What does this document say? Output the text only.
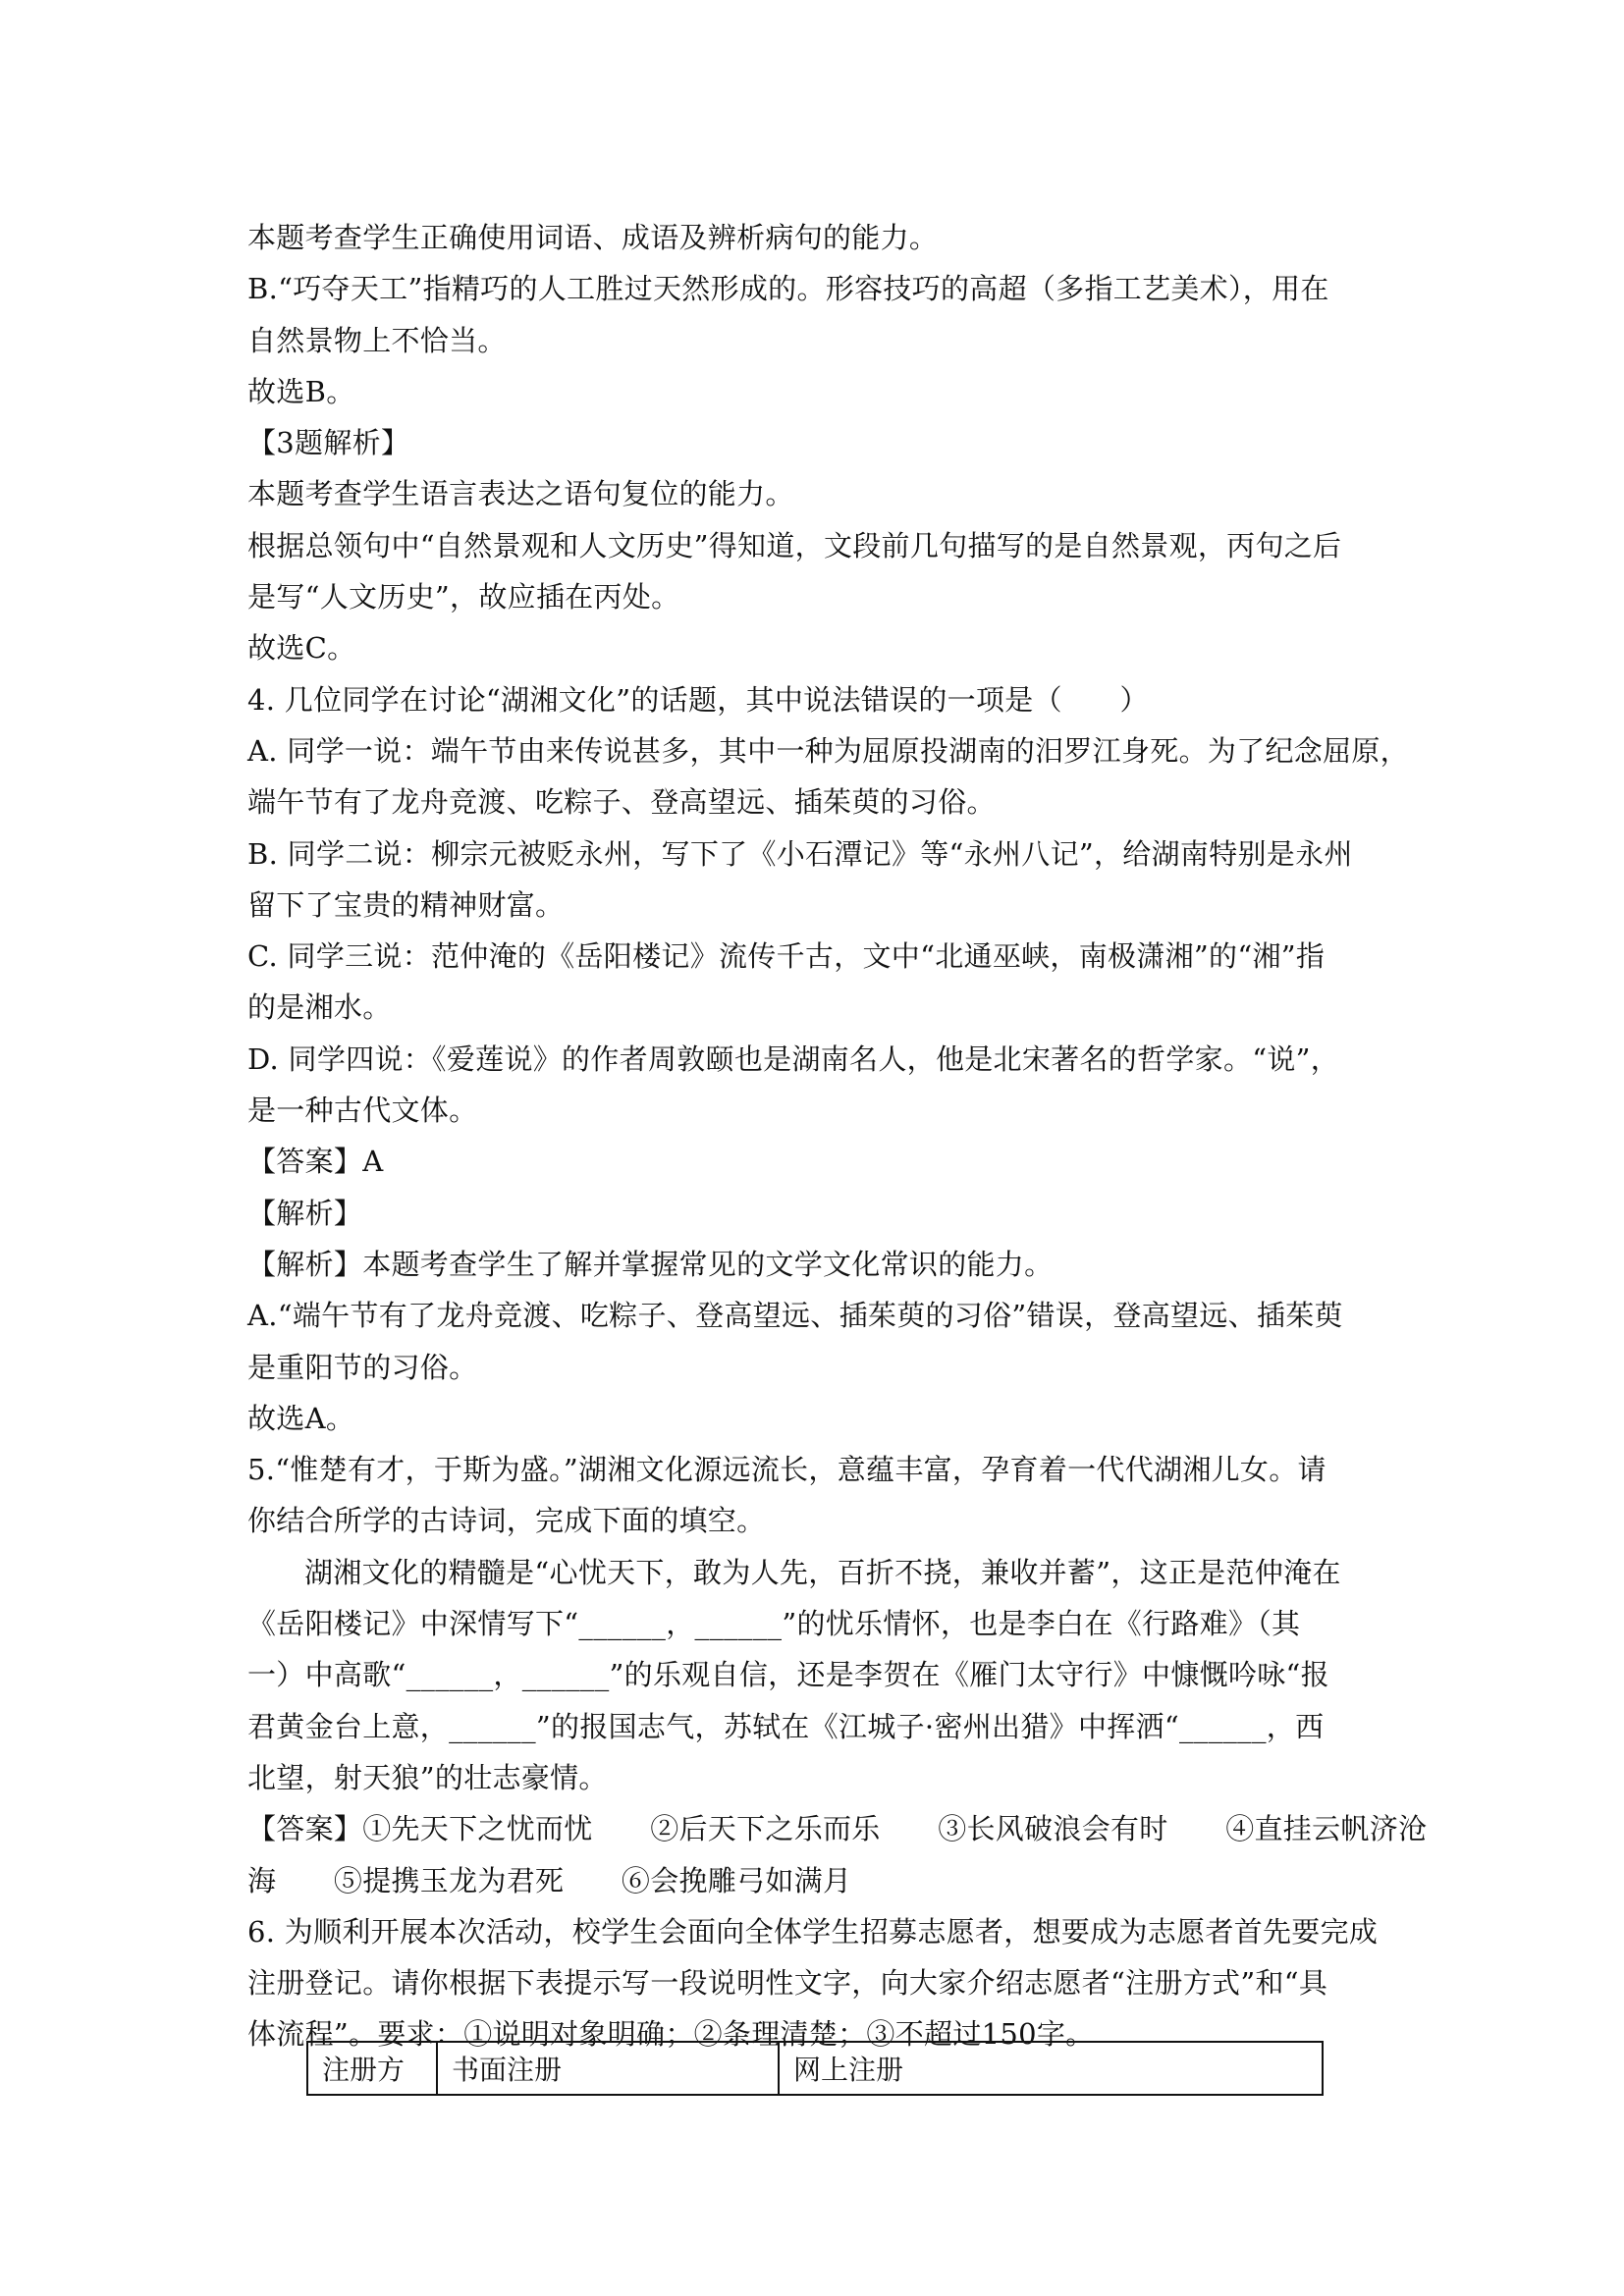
本题考查学生正确使用词语、成语及辨析病句的能力。
B.“巧夺天工”指精巧的人工胜过天然形成的。形容技巧的高超（多指工艺美术），用在
自然景物上不恰当。
故选B。
【3题解析】
本题考查学生语言表达之语句复位的能力。
根据总领句中“自然景观和人文历史”得知道，文段前几句描写的是自然景观，丙句之后
是写“人文历史”，故应插在丙处。
故选C。
4. 几位同学在讨论“湖湘文化”的话题，其中说法错误的一项是（　　）
A. 同学一说：端午节由来传说甚多，其中一种为屈原投湖南的汨罗江身死。为了纪念屈原，
端午节有了龙舟竞渡、吃粽子、登高望远、插茱萸的习俗。
B. 同学二说：柳宗元被贬永州，写下了《小石潭记》等“永州八记”，给湖南特别是永州
留下了宝贵的精神财富。
C. 同学三说：范仲淹的《岳阳楼记》流传千古，文中“北通巫峡，南极潇湘”的“湘”指
的是湘水。
D. 同学四说：《爱莲说》的作者周敦颐也是湖南名人，他是北宋著名的哲学家。“说”，
是一种古代文体。
【答案】A
【解析】
【解析】本题考查学生了解并掌握常见的文学文化常识的能力。
A.“端午节有了龙舟竞渡、吃粽子、登高望远、插茱萸的习俗”错误，登高望远、插茱萸
是重阳节的习俗。
故选A。
5.“惟楚有才，于斯为盛。”湖湘文化源远流长，意蕴丰富，孕育着一代代湖湘儿女。请
你结合所学的古诗词，完成下面的填空。
湖湘文化的精髓是“心忧天下，敢为人先，百折不挠，兼收并蓄”，这正是范仲淹在
《岳阳楼记》中深情写下“______，______”的忧乐情怀，也是李白在《行路难》（其
一）中高歌“______，______”的乐观自信，还是李贺在《雁门太守行》中慷慨吟咏“报
君黄金台上意，______”的报国志气，苏轼在《江城子·密州出猎》中挥洒“______，西
北望，射天狼”的壮志豪情。
【答案】①先天下之忧而忧　　②后天下之乐而乐　　③长风破浪会有时　　④直挂云帆济沧
海　　⑤提携玉龙为君死　　⑥会挽雕弓如满月
6. 为顺利开展本次活动，校学生会面向全体学生招募志愿者，想要成为志愿者首先要完成
注册登记。请你根据下表提示写一段说明性文字，向大家介绍志愿者“注册方式”和“具
体流程”。要求：①说明对象明确；②条理清楚；③不超过150字。
注册方	书面注册	网上注册
